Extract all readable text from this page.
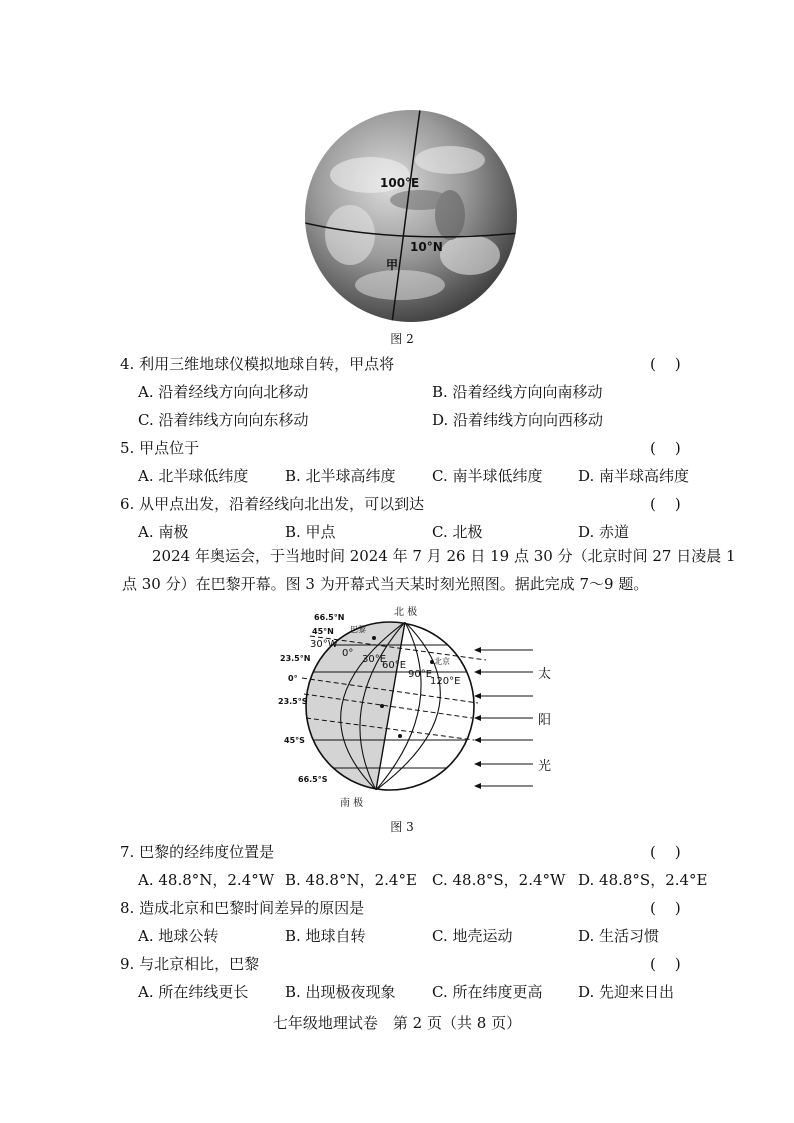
100°E
10°N
甲
图 2
4. 利用三维地球仪模拟地球自转，甲点将	(    )
A. 沿着经线方向向北移动	B. 沿着经线方向向南移动
C. 沿着纬线方向向东移动	D. 沿着纬线方向向西移动
5. 甲点位于	(    )
A. 北半球低纬度 B. 北半球高纬度 C. 南半球低纬度 D. 南半球高纬度
6. 从甲点出发，沿着经线向北出发，可以到达	(    )
A. 南极	B. 甲点	C. 北极	D. 赤道
2024 年奥运会，于当地时间 2024 年 7 月 26 日 19 点 30 分（北京时间 27 日凌晨 1
点 30 分）在巴黎开幕。图 3 为开幕式当天某时刻光照图。据此完成 7～9 题。
北 极
南 极
66.5°N
45°N
23.5°N
0°
23.5°S
45°S
66.5°S
30°W
0°
30°E
60°E
90°E
120°E
巴黎
北京
太
阳
光
图 3
7. 巴黎的经纬度位置是	(    )
A. 48.8°N，2.4°W B. 48.8°N，2.4°E C. 48.8°S，2.4°W D. 48.8°S，2.4°E
8. 造成北京和巴黎时间差异的原因是	(    )
A. 地球公转	B. 地球自转	C. 地壳运动	D. 生活习惯
9. 与北京相比，巴黎	(    )
A. 所在纬线更长 B. 出现极夜现象 C. 所在纬度更高 D. 先迎来日出
七年级地理试卷　第 2 页（共 8 页）
